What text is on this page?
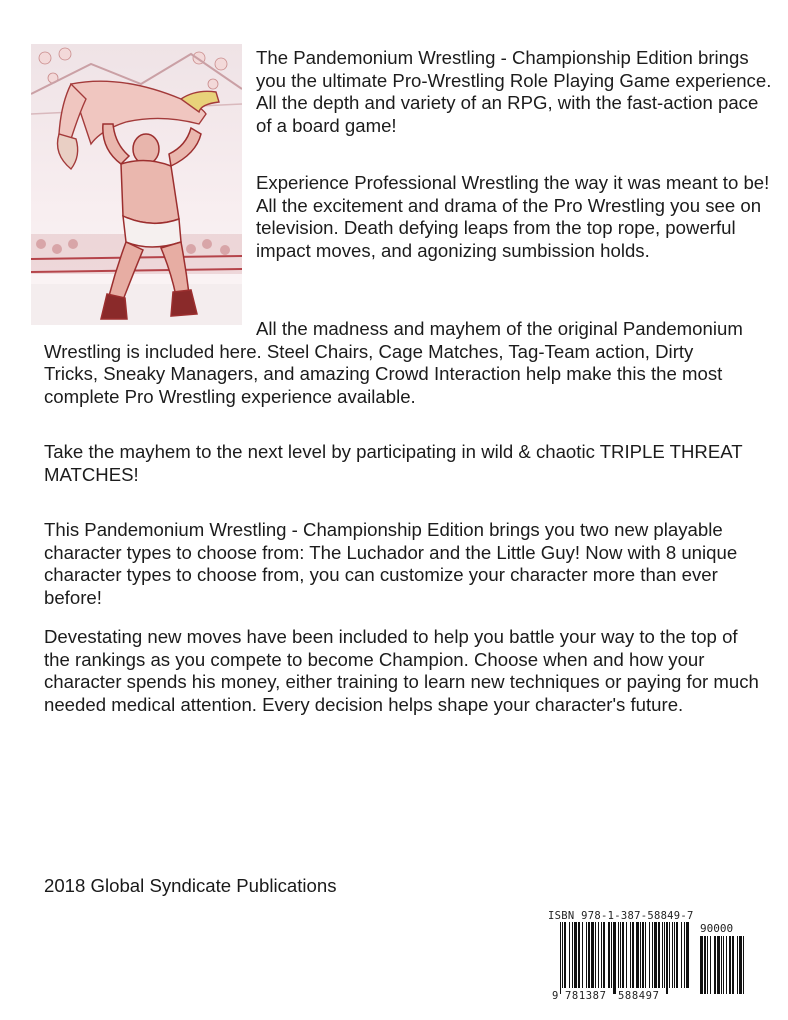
The Pandemonium Wrestling - Championship Edition brings you the ultimate Pro-Wrestling Role Playing Game experience. All the depth and variety of an RPG, with the fast-action pace of a board game!

Experience Professional Wrestling the way it was meant to be! All the excitement and drama of the Pro Wrestling you see on television. Death defying leaps from the top rope, powerful impact moves, and agonizing sumbission holds.

All the madness and mayhem of the original Pandemonium Wrestling is included here. Steel Chairs, Cage Matches, Tag-Team action, Dirty Tricks, Sneaky Managers, and amazing Crowd Interaction help make this the most complete Pro Wrestling experience available.

Take the mayhem to the next level by participating in wild & chaotic TRIPLE THREAT MATCHES!

This Pandemonium Wrestling - Championship Edition brings you two new playable character types to choose from: The Luchador and the Little Guy! Now with 8 unique character types to choose from, you can customize your character more than ever before!

Devestating new moves have been included to help you battle your way to the top of the rankings as you compete to become Champion. Choose when and how your character spends his money, either training to learn new techniques or paying for much needed medical attention. Every decision helps shape your character's future.

2018 Global Syndicate Publications

ISBN 978-1-387-58849-7
90000
9 781387 588497
